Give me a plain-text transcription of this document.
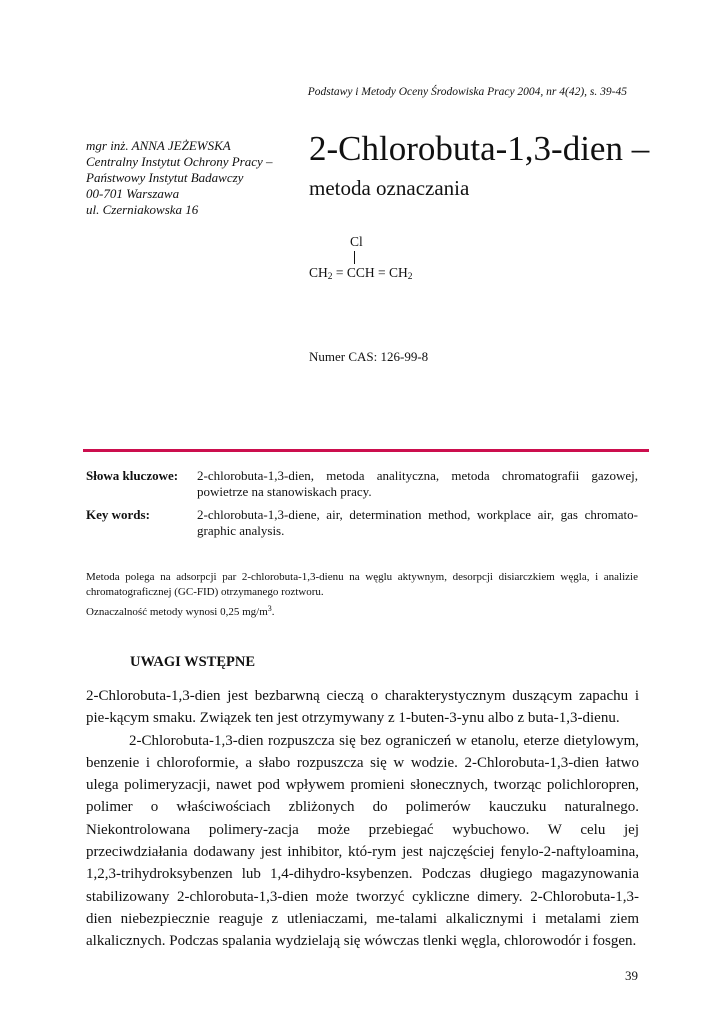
Podstawy i Metody Oceny Środowiska Pracy 2004, nr 4(42), s. 39-45
mgr inż. ANNA JEŻEWSKA
Centralny Instytut Ochrony Pracy –
Państwowy Instytut Badawczy
00-701 Warszawa
ul. Czerniakowska 16
2-Chlorobuta-1,3-dien –
metoda oznaczania
Cl
$CH_2$ = CCH = $CH_2$
Numer CAS: 126-99-8
Słowa kluczowe: 2-chlorobuta-1,3-dien, metoda analityczna, metoda chromatografii gazowej, powietrze na stanowiskach pracy.
Key words:	2-chlorobuta-1,3-diene, air, determination method, workplace air, gas chromato-graphic analysis.
Metoda polega na adsorpcji par 2-chlorobuta-1,3-dienu na węglu aktywnym, desorpcji disiarczkiem węgla, i analizie chromatograficznej (GC-FID) otrzymanego roztworu.
Oznaczalność metody wynosi 0,25 $mg/m^3$.
UWAGI WSTĘPNE

2-Chlorobuta-1,3-dien jest bezbarwną cieczą o charakterystycznym duszącym zapachu i pie-kącym smaku. Związek ten jest otrzymywany z 1-buten-3-ynu albo z buta-1,3-dienu.

2-Chlorobuta-1,3-dien rozpuszcza się bez ograniczeń w etanolu, eterze dietylowym, benzenie i chloroformie, a słabo rozpuszcza się w wodzie. 2-Chlorobuta-1,3-dien łatwo ulega polimeryzacji, nawet pod wpływem promieni słonecznych, tworząc polichloropren, polimer o właściwościach zbliżonych do polimerów kauczuku naturalnego. Niekontrolowana polimery-zacja może przebiegać wybuchowo. W celu jej przeciwdziałania dodawany jest inhibitor, któ-rym jest najczęściej fenylo-2-naftyloamina, 1,2,3-trihydroksybenzen lub 1,4-dihydro-ksybenzen. Podczas długiego magazynowania stabilizowany 2-chlorobuta-1,3-dien może tworzyć cykliczne dimery. 2-Chlorobuta-1,3-dien niebezpiecznie reaguje z utleniaczami, me-talami alkalicznymi i metalami ziem alkalicznych. Podczas spalania wydzielają się wówczas tlenki węgla, chlorowodór i fosgen.

39
